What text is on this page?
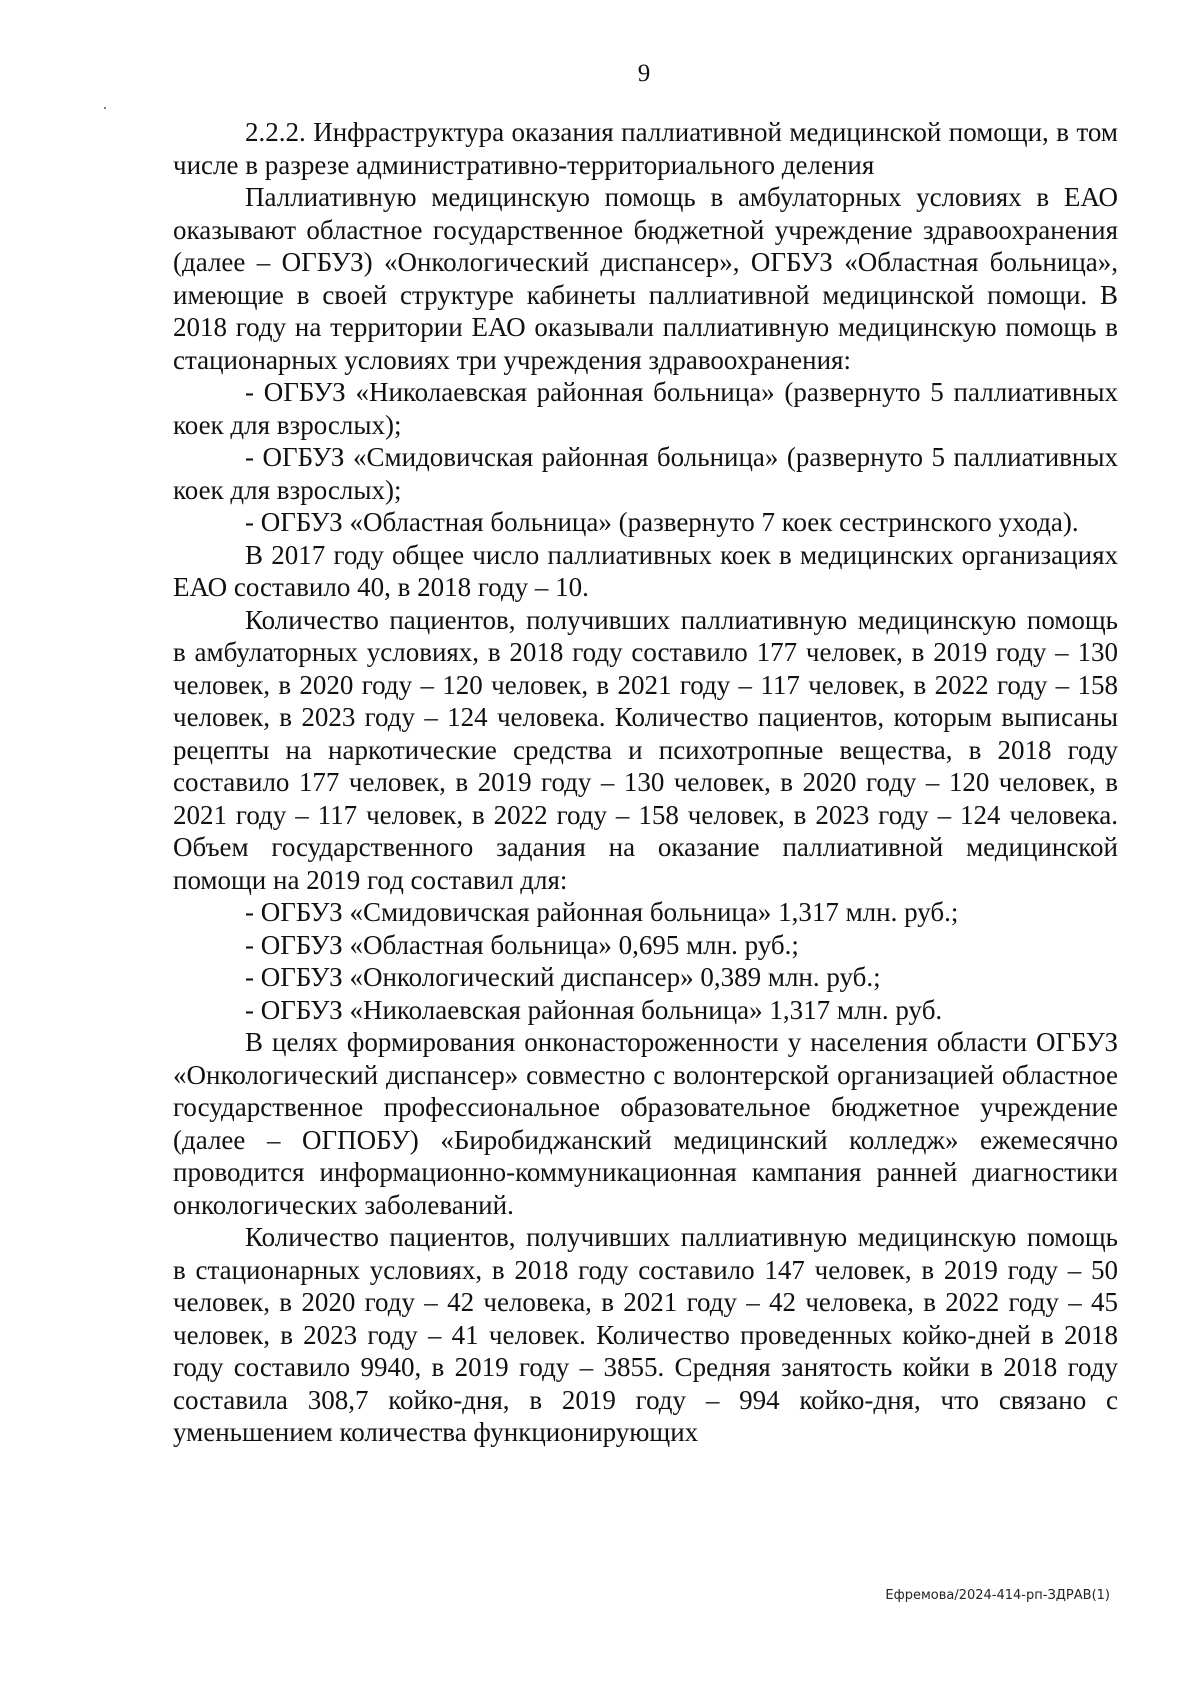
9

2.2.2. Инфраструктура оказания паллиативной медицинской помощи, в том числе в разрезе административно-территориального деления

Паллиативную медицинскую помощь в амбулаторных условиях в ЕАО оказывают областное государственное бюджетной учреждение здравоохранения (далее – ОГБУЗ) «Онкологический диспансер», ОГБУЗ «Областная больница», имеющие в своей структуре кабинеты паллиативной медицинской помощи. В 2018 году на территории ЕАО оказывали паллиативную медицинскую помощь в стационарных условиях три учреждения здравоохранения:

- ОГБУЗ «Николаевская районная больница» (развернуто 5 паллиативных коек для взрослых);

- ОГБУЗ «Смидовичская районная больница» (развернуто 5 паллиативных коек для взрослых);

- ОГБУЗ «Областная больница» (развернуто 7 коек сестринского ухода).

В 2017 году общее число паллиативных коек в медицинских организациях ЕАО составило 40, в 2018 году – 10.

Количество пациентов, получивших паллиативную медицинскую помощь в амбулаторных условиях, в 2018 году составило 177 человек, в 2019 году – 130 человек, в 2020 году – 120 человек, в 2021 году – 117 человек, в 2022 году – 158 человек, в 2023 году – 124 человека. Количество пациентов, которым выписаны рецепты на наркотические средства и психотропные вещества, в 2018 году составило 177 человек, в 2019 году – 130 человек, в 2020 году – 120 человек, в 2021 году – 117 человек, в 2022 году – 158 человек, в 2023 году – 124 человека. Объем государственного задания на оказание паллиативной медицинской помощи на 2019 год составил для:

- ОГБУЗ «Смидовичская районная больница» 1,317 млн. руб.;

- ОГБУЗ «Областная больница» 0,695 млн. руб.;

- ОГБУЗ «Онкологический диспансер» 0,389 млн. руб.;

- ОГБУЗ «Николаевская районная больница» 1,317 млн. руб.

В целях формирования онконастороженности у населения области ОГБУЗ «Онкологический диспансер» совместно с волонтерской организацией областное государственное профессиональное образовательное бюджетное учреждение (далее – ОГПОБУ) «Биробиджанский медицинский колледж» ежемесячно проводится информационно-коммуникационная кампания ранней диагностики онкологических заболеваний.

Количество пациентов, получивших паллиативную медицинскую помощь в стационарных условиях, в 2018 году составило 147 человек, в 2019 году – 50 человек, в 2020 году – 42 человека, в 2021 году – 42 человека, в 2022 году – 45 человек, в 2023 году – 41 человек. Количество проведенных койко-дней в 2018 году составило 9940, в 2019 году – 3855. Средняя занятость койки в 2018 году составила 308,7 койко-дня, в 2019 году – 994 койко-дня, что связано с уменьшением количества функционирующих

Ефремова/2024-414-рп-ЗДРАВ(1)
